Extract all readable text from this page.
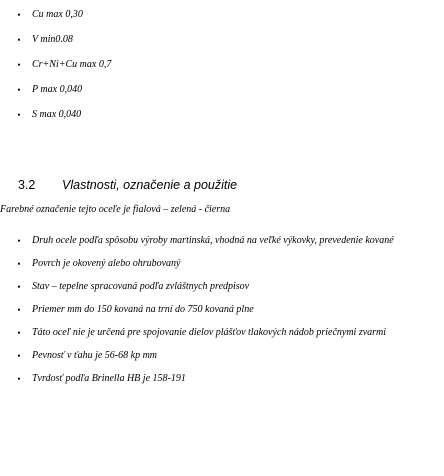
•	Cu max 0,30
•	V min0.08
•	Cr+Ni+Cu max 0,7
•	P max 0,040
•	S max 0,040
3.2 Vlastnosti, označenie a použitie
Farebné označenie tejto oceľe je fialová – zelená - čierna
•	Druh ocele podľa spôsobu výroby martinská, vhodná na veľké výkovky, prevedenie kované
•	Povrch je okovený alebo ohrubovaný
•	Stav – tepelne spracovaná podľa zvláštnych predpisov
•	Priemer mm do 150 kovaná na trní do 750 kovaná plne
•	Táto oceľ nie je určená pre spojovanie dielov plášťov tlakových nádob priečnymi zvarmi
•	Pevnosť v ťahu je 56-68 kp mm
•	Tvrdosť podľa Brinella HB je 158-191
